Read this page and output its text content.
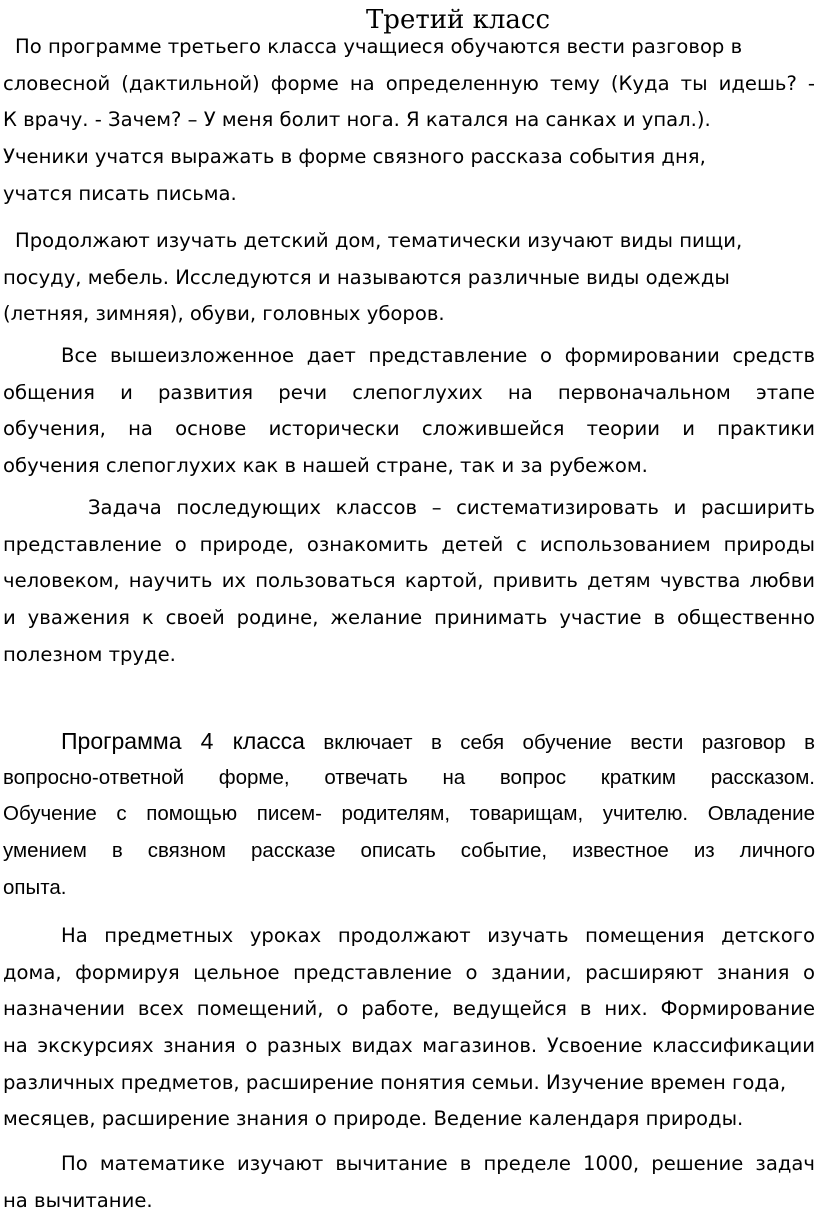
Третий класс
По программе третьего класса учащиеся обучаются вести разговор в
словесной (дактильной) форме на определенную тему (Куда ты идешь? -
К врачу. - Зачем? – У меня болит нога. Я катался на санках и упал.).
Ученики учатся выражать в форме связного рассказа события дня,
учатся писать письма.
Продолжают изучать детский дом, тематически изучают виды пищи,
посуду, мебель. Исследуются и называются различные виды одежды
(летняя, зимняя), обуви, головных уборов.
Все вышеизложенное дает представление о формировании средств
общения и развития речи слепоглухих на первоначальном этапе
обучения, на основе исторически сложившейся теории и практики
обучения слепоглухих как в нашей стране, так и за рубежом.
Задача последующих классов – систематизировать и расширить
представление о природе, ознакомить детей с использованием природы
человеком, научить их пользоваться картой, привить детям чувства любви
и уважения к своей родине, желание принимать участие в общественно
полезном труде.
Программа 4 класса включает в себя обучение вести разговор в
вопросно-ответной форме, отвечать на вопрос кратким рассказом.
Обучение с помощью писем- родителям, товарищам, учителю. Овладение
умением в связном рассказе описать событие, известное из личного
опыта.
На предметных уроках продолжают изучать помещения детского
дома, формируя цельное представление о здании, расширяют знания о
назначении всех помещений, о работе, ведущейся в них. Формирование
на экскурсиях знания о разных видах магазинов. Усвоение классификации
различных предметов, расширение понятия семьи. Изучение времен года,
месяцев, расширение знания о природе. Ведение календаря природы.
По математике изучают вычитание в пределе 1000, решение задач
на вычитание.
